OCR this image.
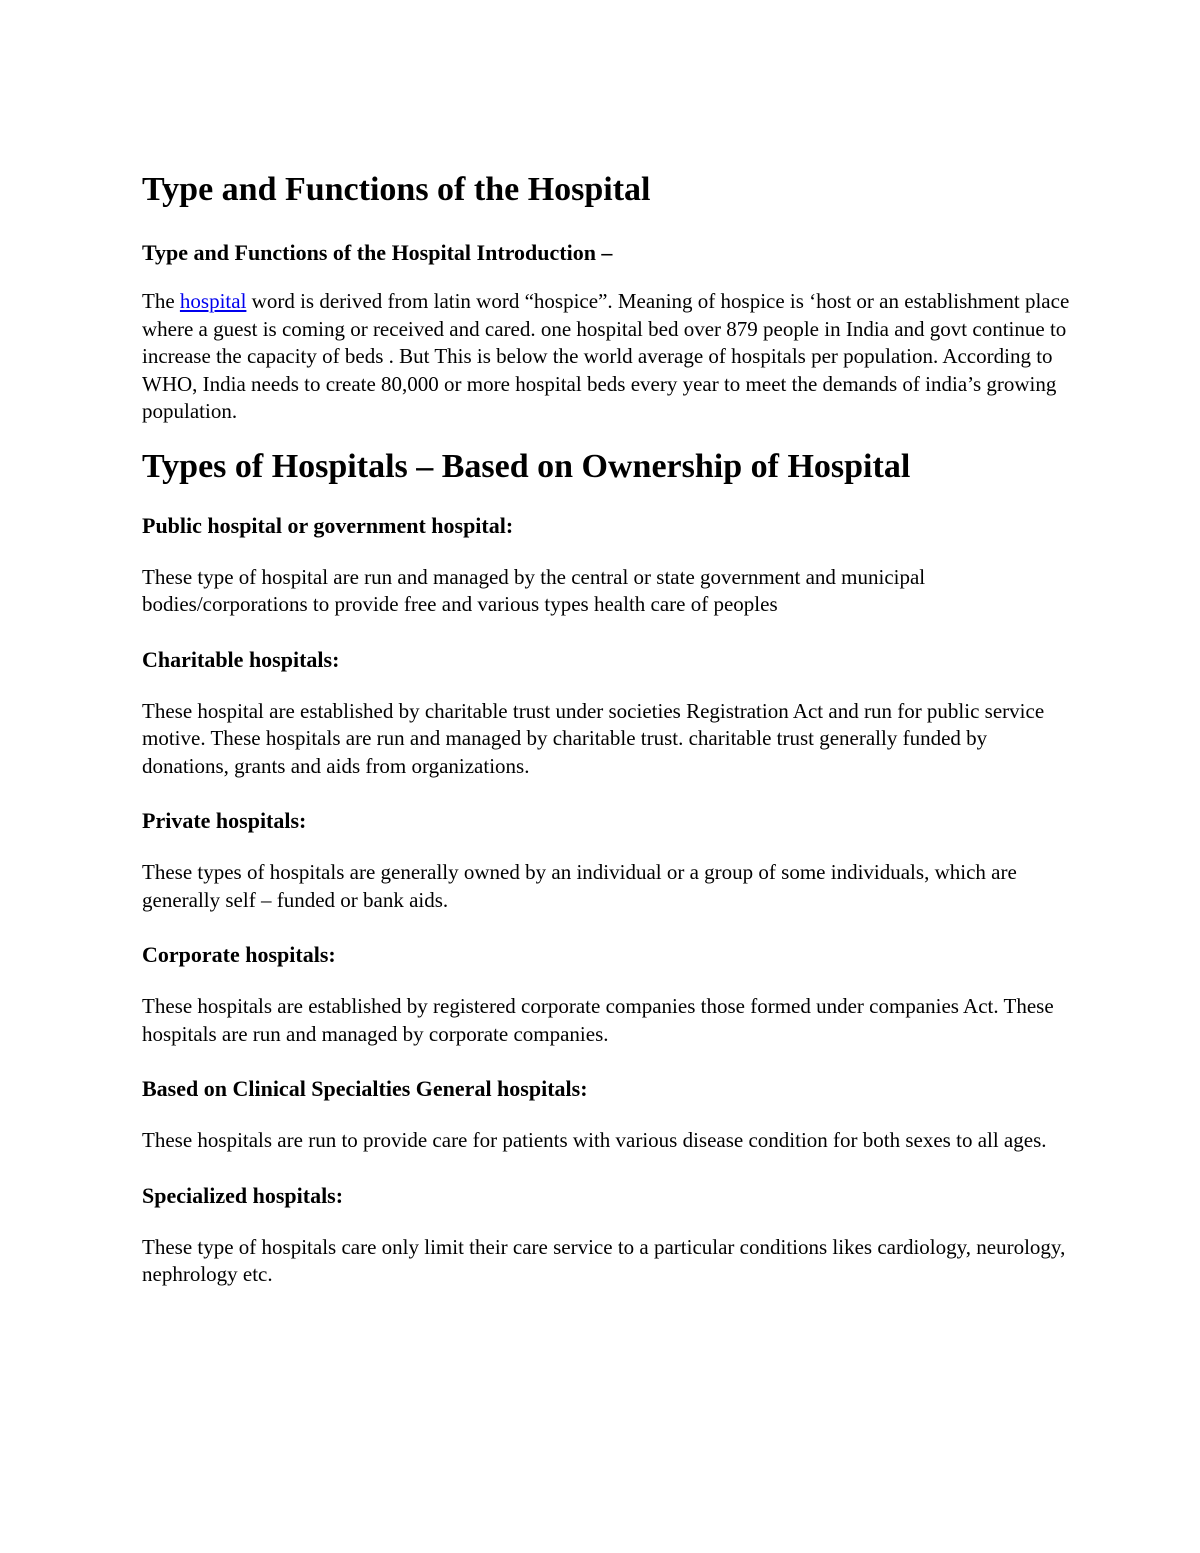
Type and Functions of the Hospital
Type and Functions of the Hospital Introduction –

The hospital word is derived from latin word “hospice”. Meaning of hospice is ‘host or an establishment place where a guest is coming or received and cared. one hospital bed over 879 people in India and govt continue to increase the capacity of beds . But This is below the world average of hospitals per population. According to WHO, India needs to create 80,000 or more hospital beds every year to meet the demands of india’s growing population.

Types of Hospitals – Based on Ownership of Hospital
Public hospital or government hospital:

These type of hospital are run and managed by the central or state government and municipal bodies/corporations to provide free and various types health care of peoples

Charitable hospitals:

These hospital are established by charitable trust under societies Registration Act and run for public service motive. These hospitals are run and managed by charitable trust. charitable trust generally funded by donations, grants and aids from organizations.

Private hospitals:

These types of hospitals are generally owned by an individual or a group of some individuals, which are generally self – funded or bank aids.

Corporate hospitals:

These hospitals are established by registered corporate companies those formed under companies Act. These hospitals are run and managed by corporate companies.

Based on Clinical Specialties General hospitals:

These hospitals are run to provide care for patients with various disease condition for both sexes to all ages.

Specialized hospitals:

These type of hospitals care only limit their care service to a particular conditions likes cardiology, neurology, nephrology etc.
